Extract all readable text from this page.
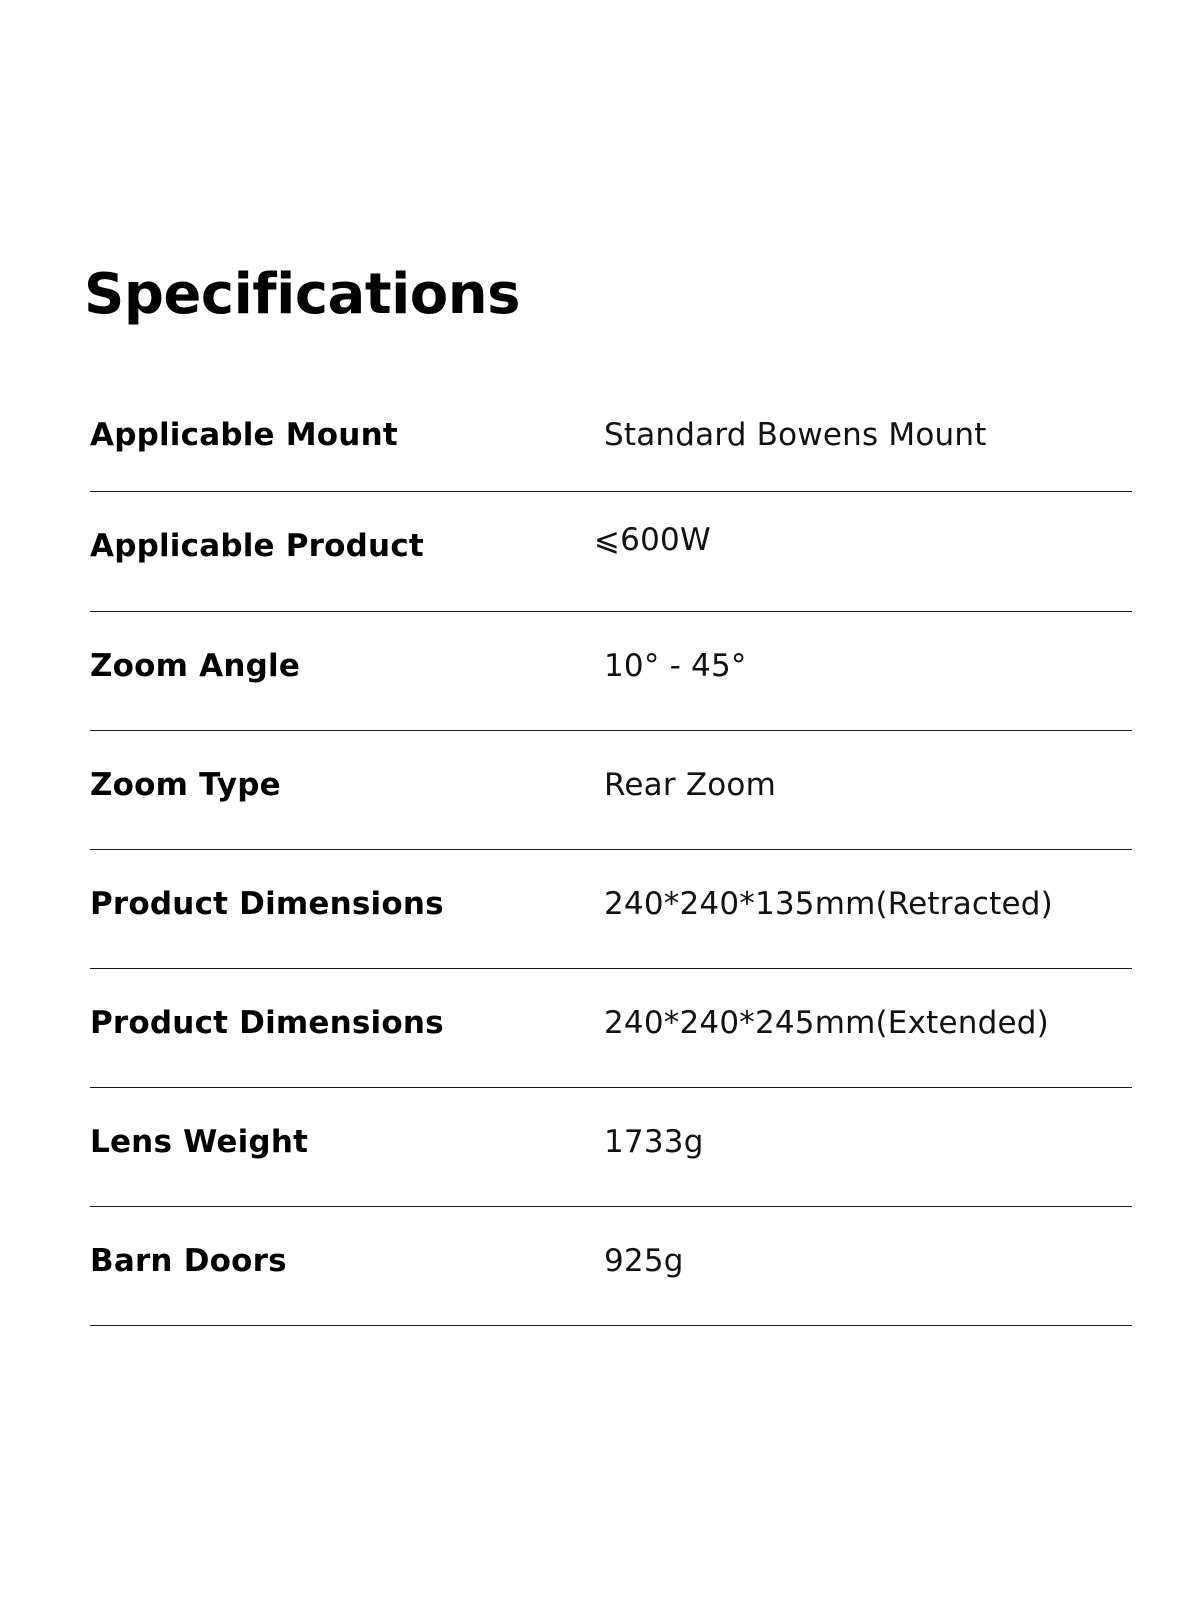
Specifications
Applicable Mount	Standard Bowens Mount
Applicable Product	⩽600W
Zoom Angle	10° - 45°
Zoom Type	Rear Zoom
Product Dimensions	240*240*135mm(Retracted)
Product Dimensions	240*240*245mm(Extended)
Lens Weight	1733g
Barn Doors	925g
